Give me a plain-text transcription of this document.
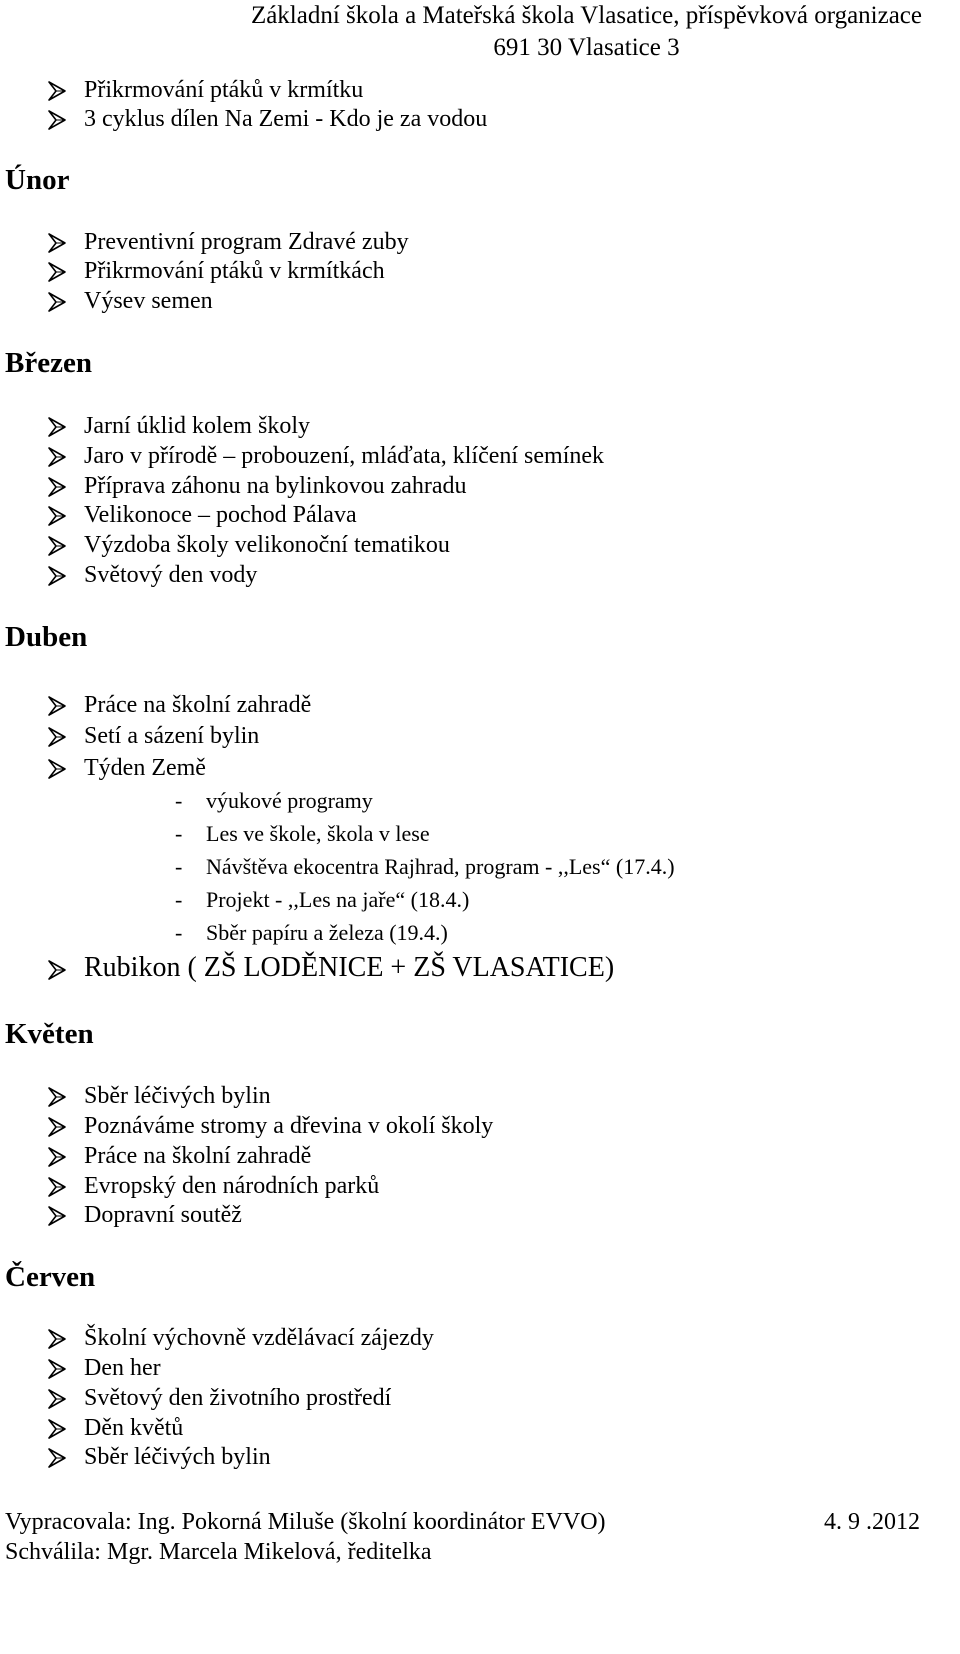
Základní škola a Mateřská škola Vlasatice, příspěvková organizace
691 30 Vlasatice 3
Přikrmování ptáků v krmítku
3 cyklus dílen Na Zemi - Kdo je za vodou
Únor
Preventivní program Zdravé zuby
Přikrmování ptáků v krmítkách
Výsev semen
Březen
Jarní úklid kolem školy
Jaro v přírodě – probouzení, mláďata, klíčení semínek
Příprava záhonu na bylinkovou zahradu
Velikonoce – pochod Pálava
Výzdoba školy velikonoční tematikou
Světový den vody
Duben
Práce na školní zahradě
Setí a sázení bylin
Týden Země
- výukové programy
- Les ve škole, škola v lese
- Návštěva ekocentra Rajhrad, program - ,,Les“ (17.4.)
- Projekt - ,,Les na jaře“ (18.4.)
- Sběr papíru a železa (19.4.)
Rubikon ( ZŠ LODĚNICE + ZŠ VLASATICE)
Květen
Sběr léčivých bylin
Poznáváme stromy a dřevina v okolí školy
Práce na školní zahradě
Evropský den národních parků
Dopravní soutěž
Červen
Školní výchovně vzdělávací zájezdy
Den her
Světový den životního prostředí
Děn květů
Sběr léčivých bylin
Vypracovala: Ing. Pokorná Miluše (školní koordinátor EVVO)	4. 9 .2012
Schválila: Mgr. Marcela Mikelová, ředitelka
